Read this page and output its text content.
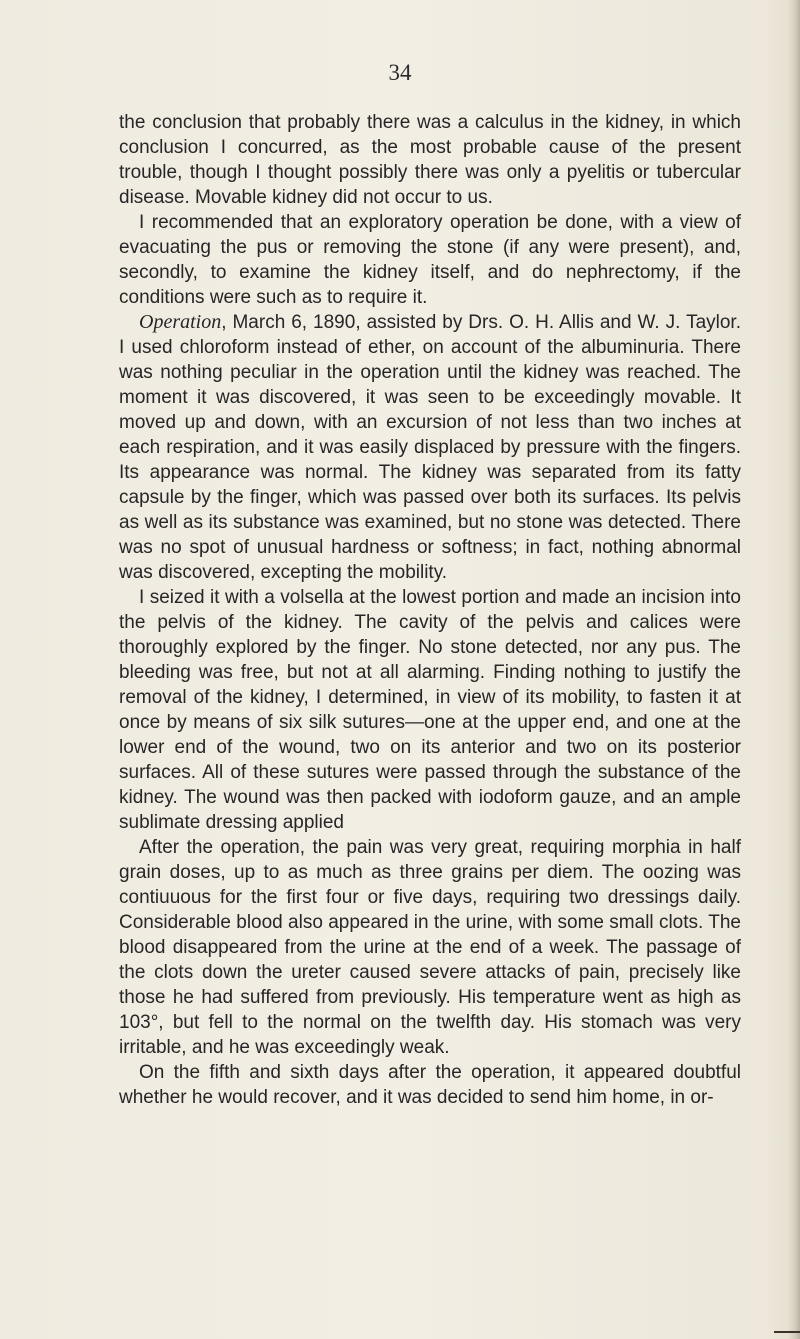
34

the conclusion that probably there was a calculus in the kidney, in which conclusion I concurred, as the most probable cause of the present trouble, though I thought possibly there was only a pyelitis or tubercular disease. Movable kidney did not occur to us.

I recommended that an exploratory operation be done, with a view of evacuating the pus or removing the stone (if any were present), and, secondly, to examine the kidney itself, and do nephrectomy, if the conditions were such as to require it.

Operation, March 6, 1890, assisted by Drs. O. H. Allis and W. J. Taylor. I used chloroform instead of ether, on account of the albuminuria. There was nothing peculiar in the operation until the kidney was reached. The moment it was discovered, it was seen to be exceedingly movable. It moved up and down, with an excursion of not less than two inches at each respiration, and it was easily displaced by pressure with the fingers. Its appearance was normal. The kidney was separated from its fatty capsule by the finger, which was passed over both its surfaces. Its pelvis as well as its substance was examined, but no stone was detected. There was no spot of unusual hardness or softness; in fact, nothing abnormal was discovered, excepting the mobility.

I seized it with a volsella at the lowest portion and made an incision into the pelvis of the kidney. The cavity of the pelvis and calices were thoroughly explored by the finger. No stone detected, nor any pus. The bleeding was free, but not at all alarming. Finding nothing to justify the removal of the kidney, I determined, in view of its mobility, to fasten it at once by means of six silk sutures—one at the upper end, and one at the lower end of the wound, two on its anterior and two on its posterior surfaces. All of these sutures were passed through the substance of the kidney. The wound was then packed with iodoform gauze, and an ample sublimate dressing applied

After the operation, the pain was very great, requiring morphia in half grain doses, up to as much as three grains per diem. The oozing was contiuuous for the first four or five days, requiring two dressings daily. Considerable blood also appeared in the urine, with some small clots. The blood disappeared from the urine at the end of a week. The passage of the clots down the ureter caused severe attacks of pain, precisely like those he had suffered from previously. His temperature went as high as 103°, but fell to the normal on the twelfth day. His stomach was very irritable, and he was exceedingly weak.

On the fifth and sixth days after the operation, it appeared doubtful whether he would recover, and it was decided to send him home, in or-
